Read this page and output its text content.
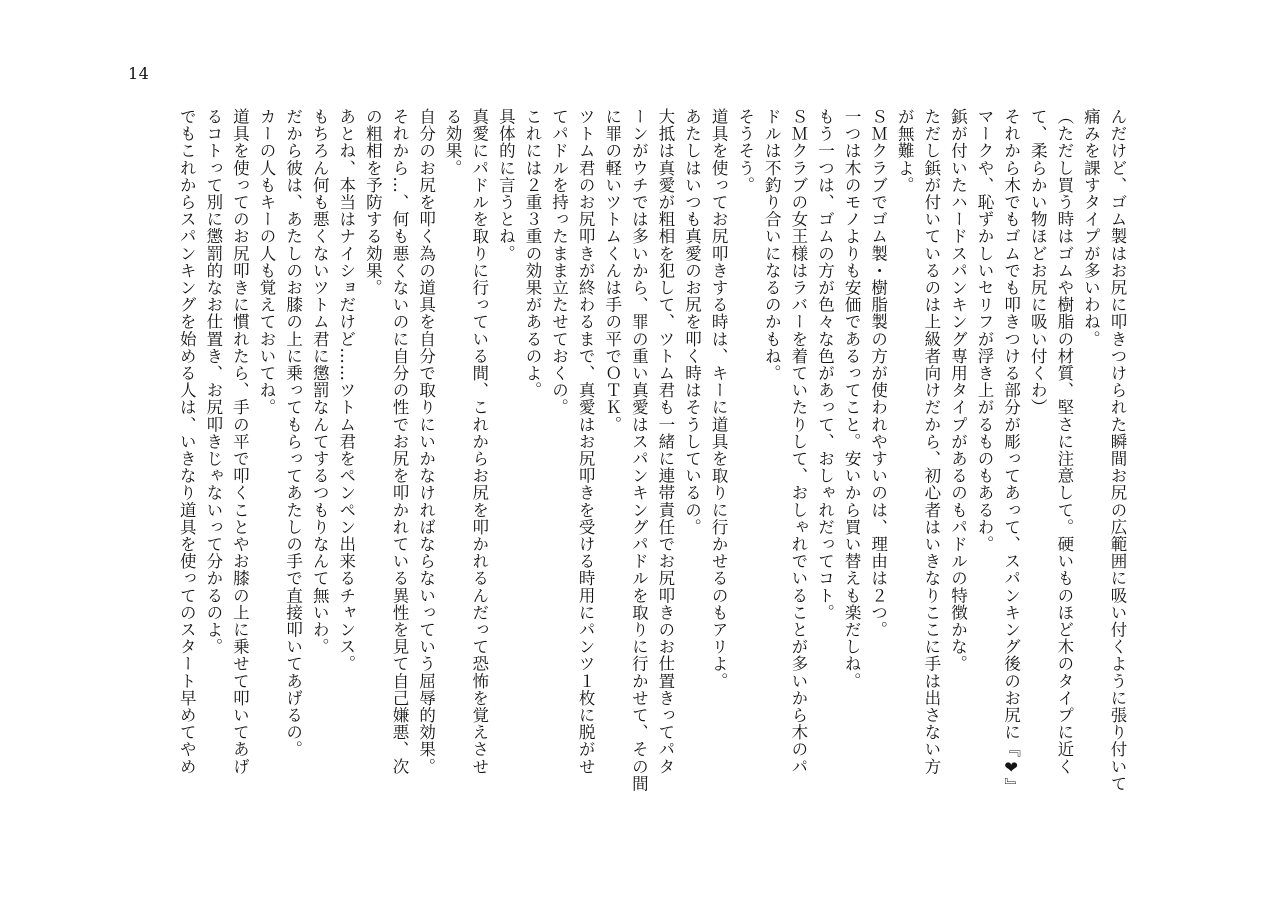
14
んだけど、ゴム製はお尻に叩きつけられた瞬間お尻の広範囲に吸い付くように張り付いて
痛みを課すタイプが多いわね。
（ただし買う時はゴムや樹脂の材質、堅さに注意して。硬いものほど木のタイプに近く
て、柔らかい物ほどお尻に吸い付くわ）
それから木でもゴムでも叩きつける部分が彫ってあって、スパンキング後のお尻に『❤』
マークや、恥ずかしいセリフが浮き上がるものもあるわ。
鋲が付いたハードスパンキング専用タイプがあるのもパドルの特徴かな。
ただし鋲が付いているのは上級者向けだから、初心者はいきなりここに手は出さない方
が無難よ。
ＳＭクラブでゴム製・樹脂製の方が使われやすいのは、理由は２つ。
一つは木のモノよりも安価であるってこと。安いから買い替えも楽だしね。
もう一つは、ゴムの方が色々な色があって、おしゃれだってコト。
ＳＭクラブの女王様はラバーを着ていたりして、おしゃれでいることが多いから木のパ
ドルは不釣り合いになるのかもね。
そうそう。
道具を使ってお尻叩きする時は、キーに道具を取りに行かせるのもアリよ。
あたしはいつも真愛のお尻を叩く時はそうしているの。
大抵は真愛が粗相を犯して、ツトム君も一緒に連帯責任でお尻叩きのお仕置きってパタ
ーンがウチでは多いから、罪の重い真愛はスパンキングパドルを取りに行かせて、その間
に罪の軽いツトムくんは手の平でＯＴＫ。
ツトム君のお尻叩きが終わるまで、真愛はお尻叩きを受ける時用にパンツ１枚に脱がせ
てパドルを持ったまま立たせておくの。
これには２重３重の効果があるのよ。
具体的に言うとね。
真愛にパドルを取りに行っている間、これからお尻を叩かれるんだって恐怖を覚えさせ
る効果。
自分のお尻を叩く為の道具を自分で取りにいかなければならないっていう屈辱的効果。
それから…、何も悪くないのに自分の性でお尻を叩かれている異性を見て自己嫌悪、次
の粗相を予防する効果。
あとね、本当はナイショだけど……ツトム君をペンペン出来るチャンス。
もちろん何も悪くないツトム君に懲罰なんてするつもりなんて無いわ。
だから彼は、あたしのお膝の上に乗ってもらってあたしの手で直接叩いてあげるの。
カーの人もキーの人も覚えておいてね。
道具を使ってのお尻叩きに慣れたら、手の平で叩くことやお膝の上に乗せて叩いてあげ
るコトって別に懲罰的なお仕置き、お尻叩きじゃないって分かるのよ。
でもこれからスパンキングを始める人は、いきなり道具を使ってのスタート早めてやめ
